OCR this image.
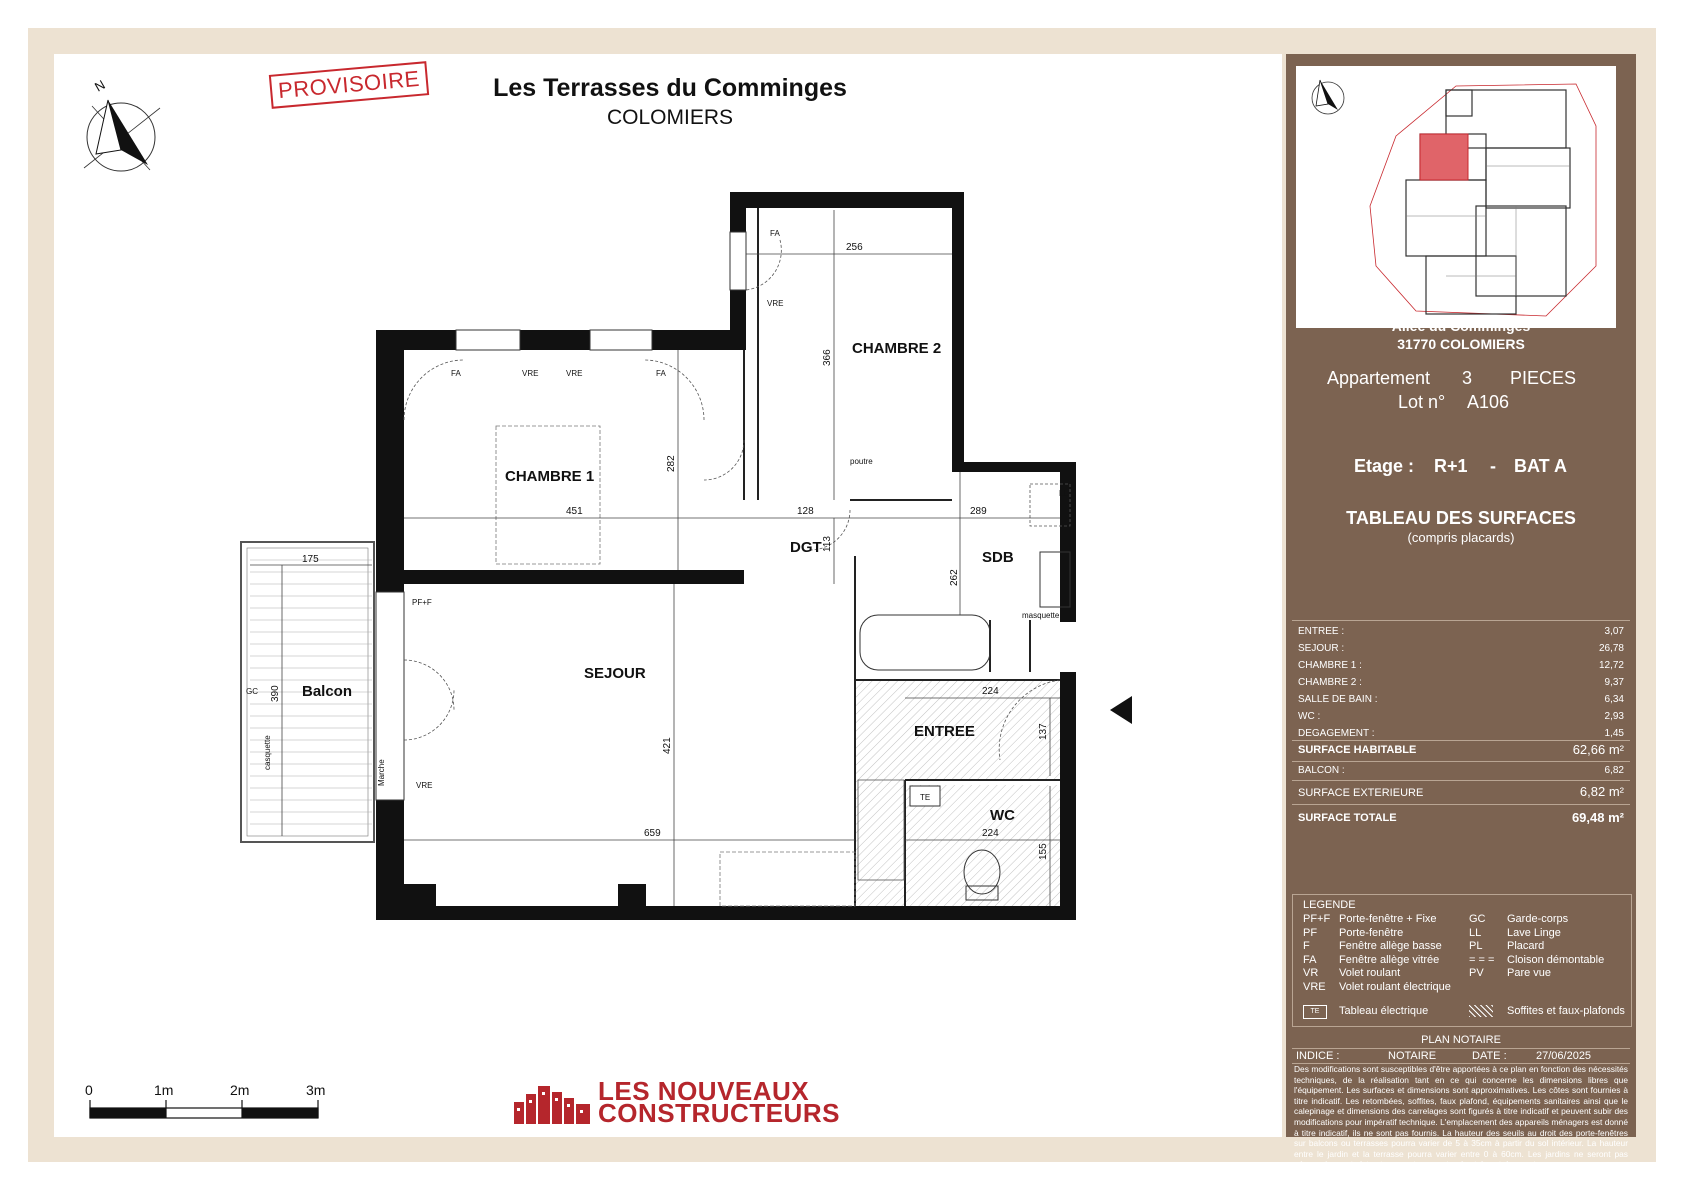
PROVISOIRE	Les Terrasses du Comminges
COLOMIERS
N
CHAMBRE 2
CHAMBRE 1
DGT
SDB
SEJOUR
Balcon
ENTREE
WC
256
366
282
451	128	289
113
262
175
390
421
659
224
137
224
155
FA
VRE
FA	VRE	VRE	FA
poutre
LL
masquette
PF+F
VRE
GC
casquette
Marche
TE
0	1m	2m	3m	LES NOUVEAUX
CONSTRUCTEURS
Allée du Comminges
31770 COLOMIERS
Appartement 3 PIECES
Lot n° A106
Etage : R+1 - BAT A
TABLEAU DES SURFACES
(compris placards)
ENTREE :	3,07
SEJOUR :	26,78
CHAMBRE 1 :	12,72
CHAMBRE 2 :	9,37
SALLE DE BAIN :	6,34
WC :	2,93
DEGAGEMENT :	1,45
SURFACE HABITABLE	62,66 m²
BALCON :	6,82
SURFACE EXTERIEURE	6,82 m²
SURFACE TOTALE	69,48 m²
LEGENDE
PF+F Porte-fenêtre + Fixe
PF Porte-fenêtre
F	Fenêtre allège basse
FA Fenêtre allège vitrée
VR Volet roulant
VRE Volet roulant électrique
GC Garde-corps
LL Lave Linge
PL Placard
= = = Cloison démontable
PV Pare vue
TE	Tableau électrique	Soffites et faux-plafonds
PLAN NOTAIRE
INDICE :	NOTAIRE	DATE :	27/06/2025
Des modifications sont susceptibles d'être apportées à ce plan en fonction des nécessités techniques, de la réalisation tant en ce qui concerne les dimensions libres que l'équipement. Les surfaces et dimensions sont approximatives. Les côtes sont fournies à titre indicatif. Les retombées, soffites, faux plafond, équipements sanitaires ainsi que le calepinage et dimensions des carrelages sont figurés à titre indicatif et peuvent subir des modifications pour impératif technique. L'emplacement des appareils ménagers est donné à titre indicatif, ils ne sont pas fournis. La hauteur des seuils au droit des porte-fenêtres sur balcons ou terrasses pourra varier de 5 à 35cm à partir du sol intérieur. La hauteur entre le jardin et la terrasse pourra varier entre 0 à 60cm. Les jardins ne seront pas nécessairement plats et pourront comporter des talus et des pentes.
